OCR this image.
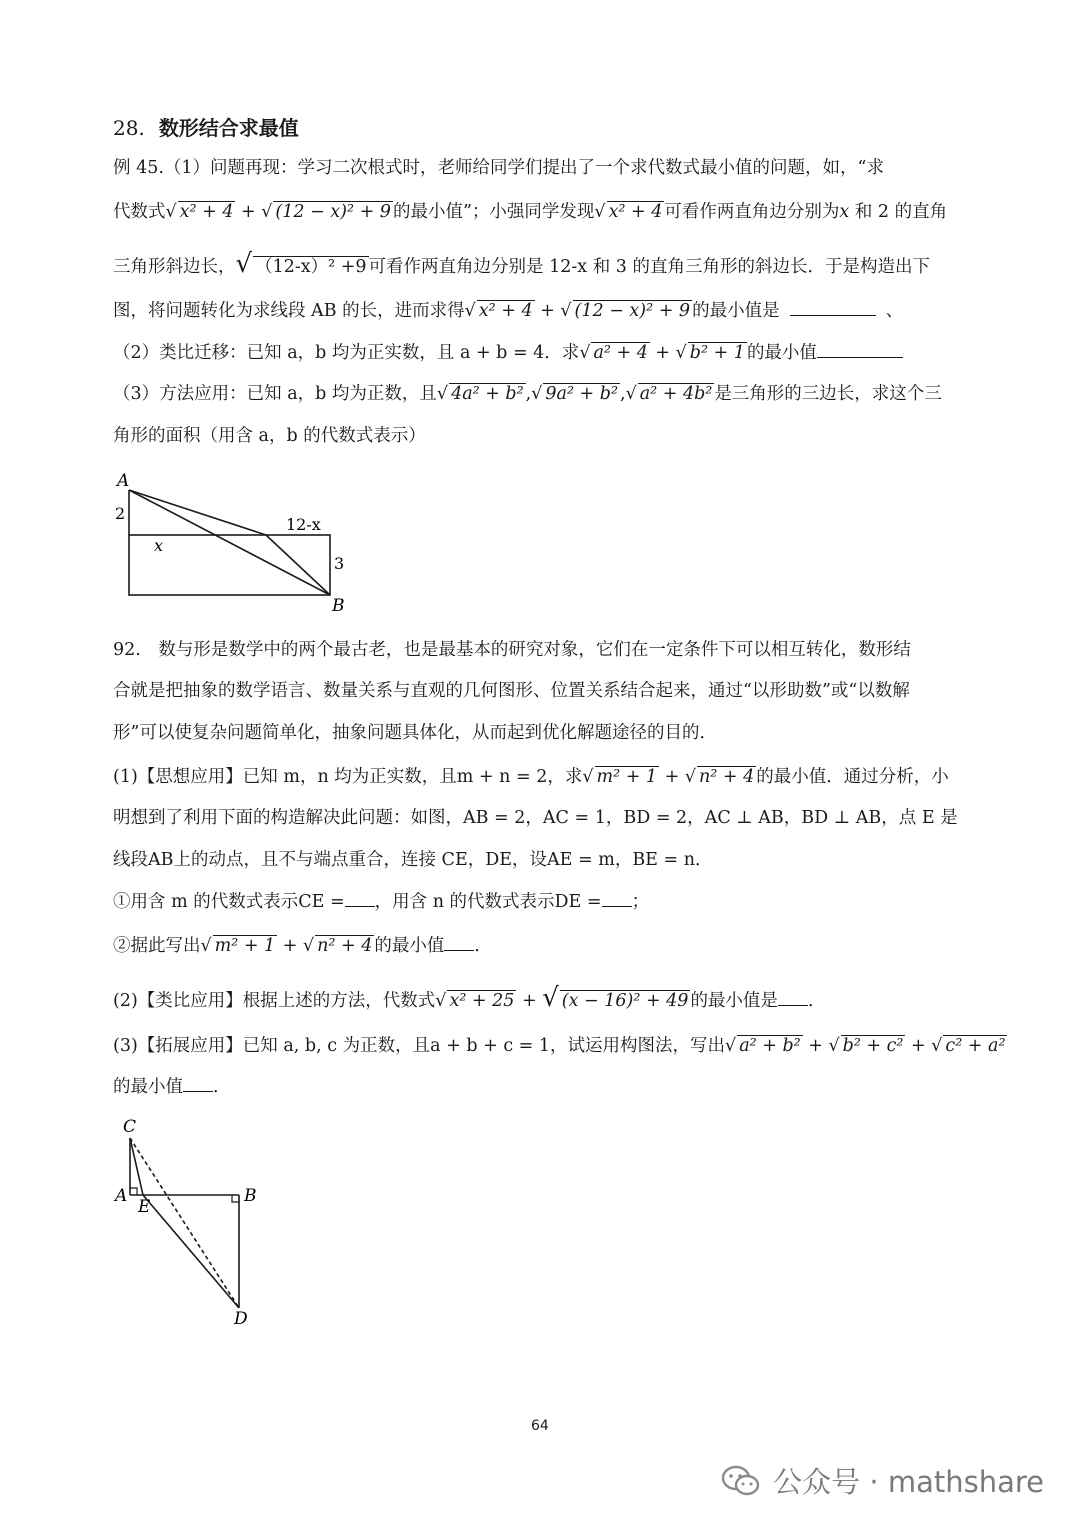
28. 数形结合求最值
例 45.（1）问题再现：学习二次根式时，老师给同学们提出了一个求代数式最小值的问题，如，“求
代数式 √ x² + 4 + √ (12 − x)² + 9 的最小值”；小强同学发现 √ x² + 4 可看作两直角边分别为x 和 2 的直角
三角形斜边长， √ （12-x）² +9 可看作两直角边分别是 12-x 和 3 的直角三角形的斜边长．于是构造出下
图，将问题转化为求线段 AB 的长，进而求得 √ x² + 4 + √ (12 − x)² + 9 的最小值是	、
（2）类比迁移：已知 a，b 均为正实数，且 a + b = 4．求 √ a² + 4 + √ b² + 1 的最小值
（3）方法应用：已知 a，b 均为正数，且 √ 4a² + b² , √ 9a² + b² , √ a² + 4b² 是三角形的三边长，求这个三
角形的面积（用含 a，b 的代数式表示）
A
2
12-x
x
3
B
92.　数与形是数学中的两个最古老，也是最基本的研究对象，它们在一定条件下可以相互转化，数形结
合就是把抽象的数学语言、数量关系与直观的几何图形、位置关系结合起来，通过“以形助数”或“以数解
形”可以使复杂问题简单化，抽象问题具体化，从而起到优化解题途径的目的．
(1)【思想应用】已知 m，n 均为正实数，且m + n = 2，求 √ m² + 1 + √ n² + 4 的最小值．通过分析，小
明想到了利用下面的构造解决此问题：如图，AB = 2，AC = 1，BD = 2，AC ⊥ AB，BD ⊥ AB，点 E 是
线段AB上的动点，且不与端点重合，连接 CE，DE，设AE = m，BE = n．
①用含 m 的代数式表示CE = ，用含 n 的代数式表示DE = ；
②据此写出 √ m² + 1 + √ n² + 4 的最小值 ．
(2)【类比应用】根据上述的方法，代数式 √ x² + 25 + √ (x − 16)² + 49 的最小值是 ．
(3)【拓展应用】已知 a, b, c 为正数，且a + b + c = 1，试运用构图法，写出 √ a² + b² + √ b² + c² + √ c² + a²
的最小值 ．
C
A
E
B
D
64
公众号 · mathshare
